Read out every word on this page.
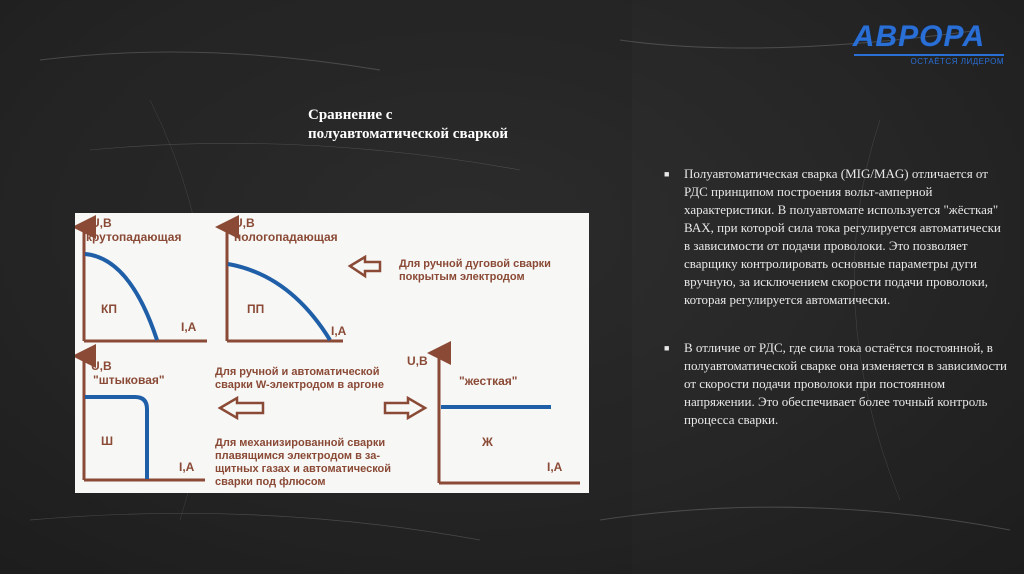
АВРОРА
ОСТАЁТСЯ ЛИДЕРОМ
Сравнение с полуавтоматической сваркой
U,В
крутопадающая
I,А
КП
U,В
пологопадающая
I,А
ПП
Для ручной дуговой сварки
покрытым электродом
U,В
"штыковая"
I,А
Ш
Для ручной и автоматической
сварки W-электродом в аргоне
Для механизированной сварки
плавящимся электродом в за-
щитных газах и автоматической
сварки под флюсом
U,В
"жесткая"
I,А
Ж
■ Полуавтоматическая сварка (MIG/MAG) отличается от РДС принципом построения вольт-амперной характеристики. В полуавтомате используется "жёсткая" ВАХ, при которой сила тока регулируется автоматически в зависимости от подачи проволоки. Это позволяет сварщику контролировать основные параметры дуги вручную, за исключением скорости подачи проволоки, которая регулируется автоматически.
■ В отличие от РДС, где сила тока остаётся постоянной, в полуавтоматической сварке она изменяется в зависимости от скорости подачи проволоки при постоянном напряжении. Это обеспечивает более точный контроль процесса сварки.
